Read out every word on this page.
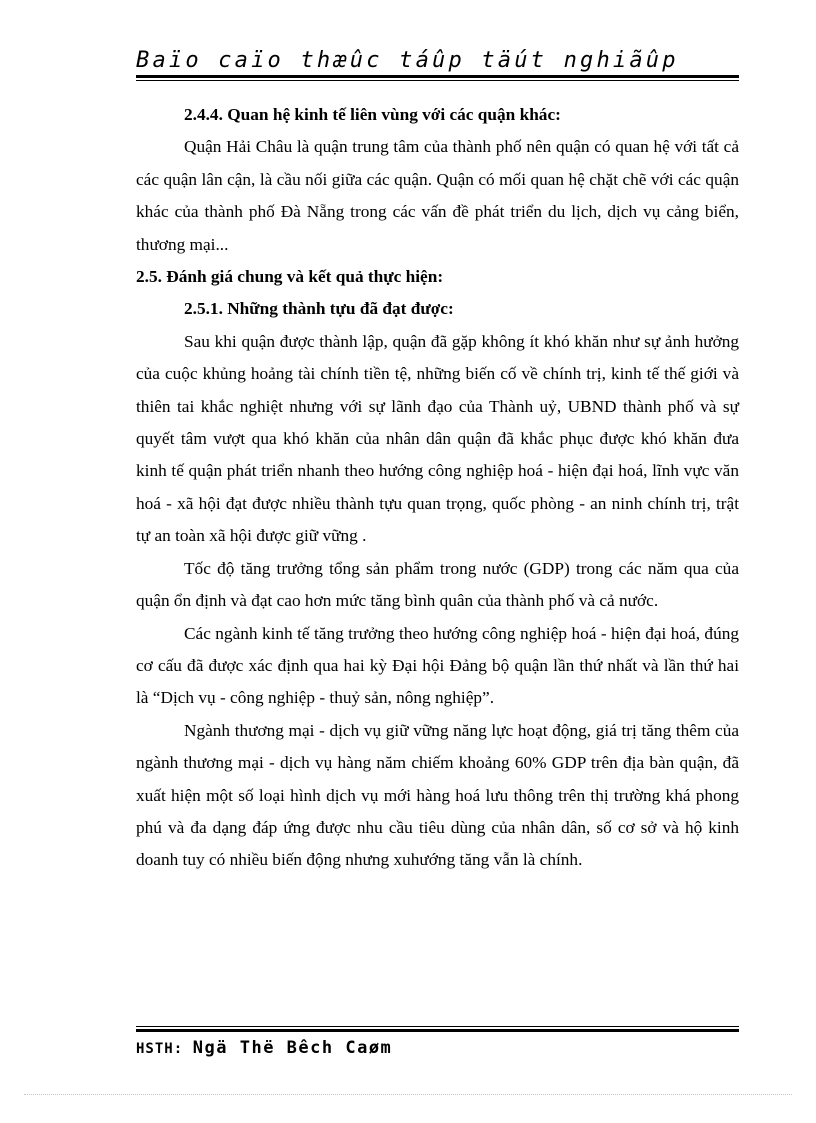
Baïo caïo thæûc táûp täút nghiãûp

2.4.4. Quan hệ kinh tế liên vùng với các quận khác:

Quận Hải Châu là quận trung tâm của thành phố nên quận có quan hệ với tất cả các quận lân cận, là cầu nối giữa các quận. Quận có mối quan hệ chặt chẽ với các quận khác của thành phố Đà Nẵng trong các vấn đề phát triển du lịch, dịch vụ cảng biển, thương mại...

2.5. Đánh giá chung và kết quả thực hiện:

2.5.1. Những thành tựu đã đạt được:

Sau khi quận được thành lập, quận đã gặp không ít khó khăn như sự ảnh hưởng của cuộc khủng hoảng tài chính tiền tệ, những biến cố về chính trị, kinh tế thế giới và thiên tai khắc nghiệt nhưng với sự lãnh đạo của Thành uỷ, UBND thành phố và sự quyết tâm vượt qua khó khăn của nhân dân quận đã khắc phục được khó khăn đưa kinh tế quận phát triển nhanh theo hướng công nghiệp hoá - hiện đại hoá, lĩnh vực văn hoá - xã hội đạt được nhiều thành tựu quan trọng, quốc phòng - an ninh chính trị, trật tự an toàn xã hội được giữ vững .

Tốc độ tăng trưởng tổng sản phẩm trong nước (GDP) trong các năm qua của quận ổn định và đạt cao hơn mức tăng bình quân của thành phố và cả nước.

Các ngành kinh tế tăng trưởng theo hướng công nghiệp hoá - hiện đại hoá, đúng cơ cấu đã được xác định qua hai kỳ Đại hội Đảng bộ quận lần thứ nhất và lần thứ hai là “Dịch vụ - công nghiệp - thuỷ sản, nông nghiệp”.

Ngành thương mại - dịch vụ giữ vững năng lực hoạt động, giá trị tăng thêm của ngành thương mại - dịch vụ hàng năm chiếm khoảng 60% GDP trên địa bàn quận, đã xuất hiện một số loại hình dịch vụ mới hàng hoá lưu thông trên thị trường khá phong phú và đa dạng đáp ứng được nhu cầu tiêu dùng của nhân dân, số cơ sở và hộ kinh doanh tuy có nhiều biến động nhưng xuhướng tăng vẫn là chính.

HSTH: Ngä Thë Bêch Caøm
